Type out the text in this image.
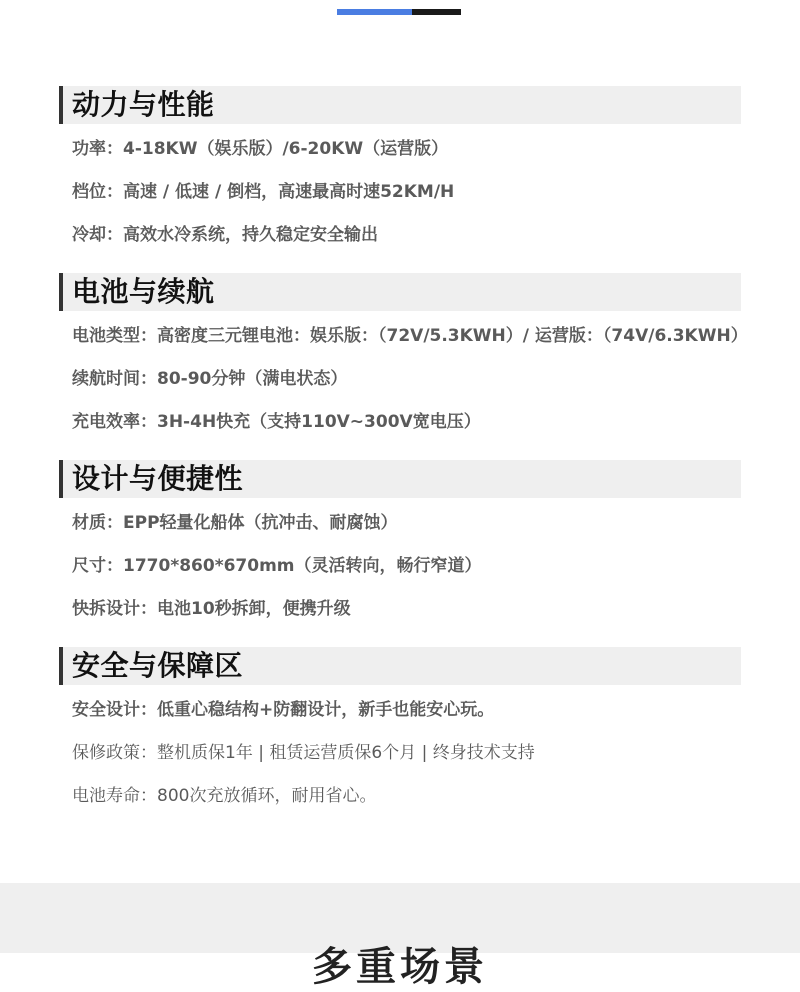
动力与性能
功率：4-18KW（娱乐版）/6-20KW（运营版）
档位：高速 / 低速 / 倒档，高速最高时速52KM/H
冷却：高效水冷系统，持久稳定安全输出
电池与续航
电池类型：高密度三元锂电池：娱乐版：（72V/5.3KWH）/ 运营版：（74V/6.3KWH）
续航时间：80-90分钟（满电状态）
充电效率：3H-4H快充（支持110V~300V宽电压）
设计与便捷性
材质：EPP轻量化船体（抗冲击、耐腐蚀）
尺寸：1770*860*670mm（灵活转向，畅行窄道）
快拆设计：电池10秒拆卸，便携升级
安全与保障区
安全设计：低重心稳结构+防翻设计，新手也能安心玩。
保修政策：整机质保1年 | 租赁运营质保6个月 | 终身技术支持
电池寿命：800次充放循环，耐用省心。
多重场景
